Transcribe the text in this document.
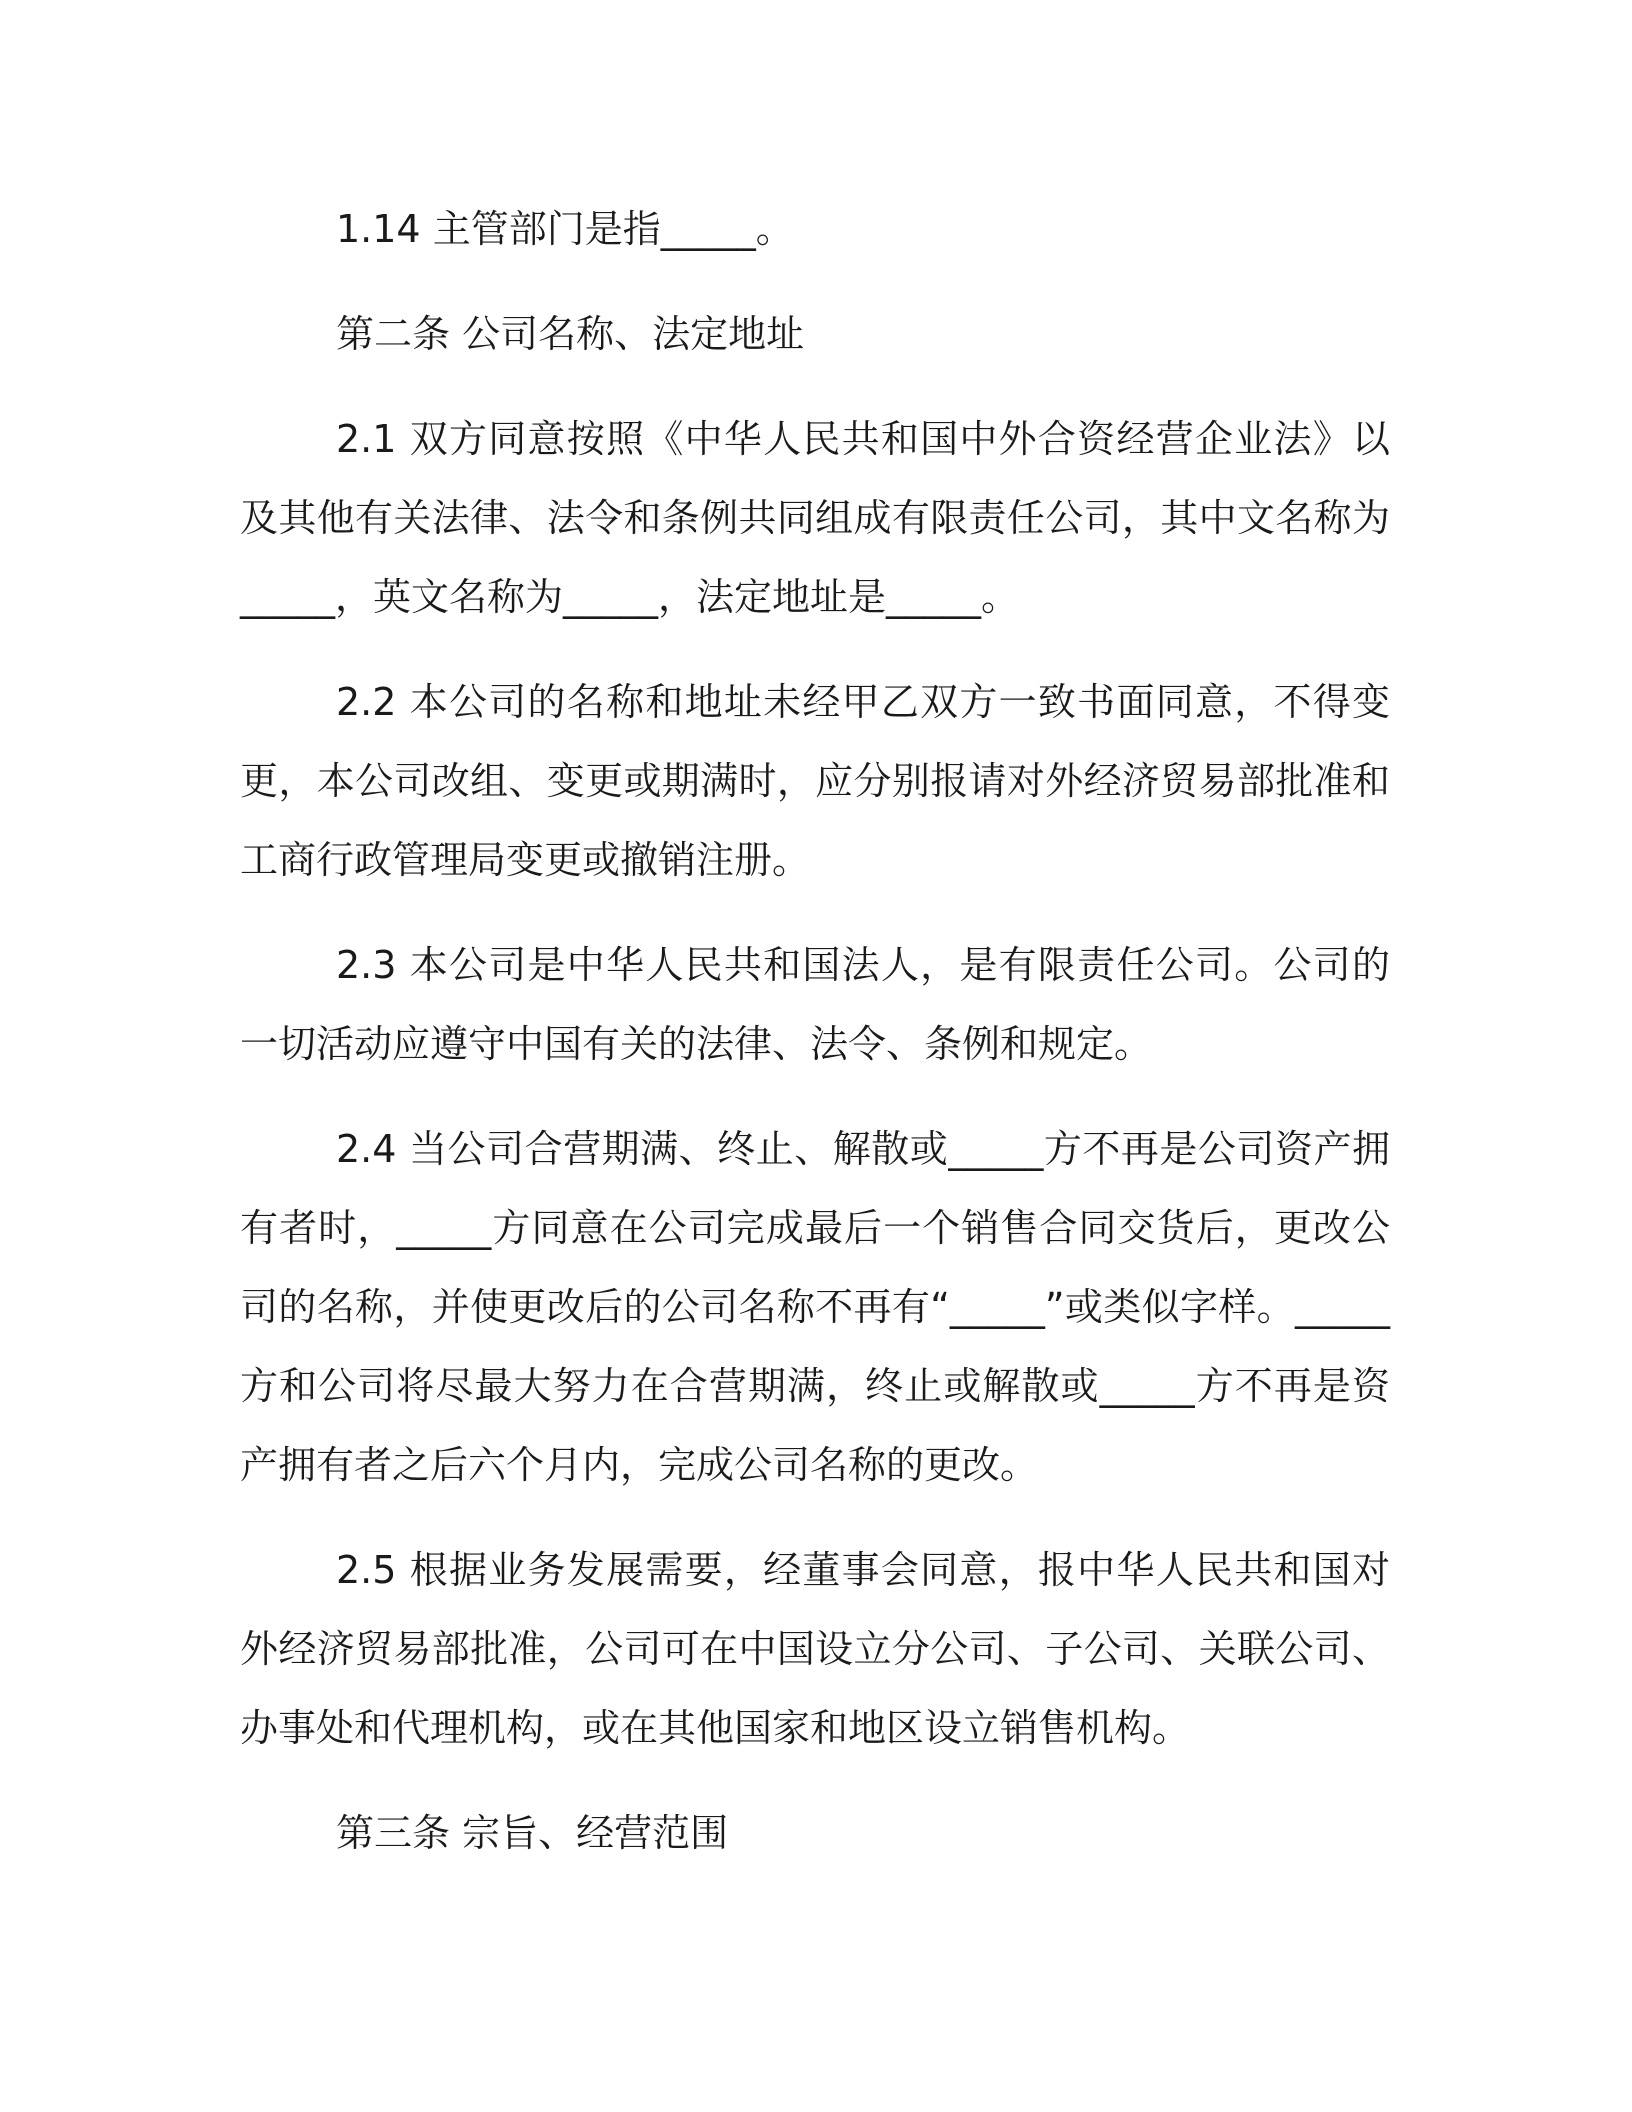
1.14 主管部门是指_____。

第二条 公司名称、法定地址

2.1 双方同意按照《中华人民共和国中外合资经营企业法》以及其他有关法律、法令和条例共同组成有限责任公司，其中文名称为_____，英文名称为_____，法定地址是_____。

2.2 本公司的名称和地址未经甲乙双方一致书面同意，不得变更，本公司改组、变更或期满时，应分别报请对外经济贸易部批准和工商行政管理局变更或撤销注册。

2.3 本公司是中华人民共和国法人，是有限责任公司。公司的一切活动应遵守中国有关的法律、法令、条例和规定。

2.4 当公司合营期满、终止、解散或_____方不再是公司资产拥有者时，_____方同意在公司完成最后一个销售合同交货后，更改公司的名称，并使更改后的公司名称不再有“_____”或类似字样。_____方和公司将尽最大努力在合营期满，终止或解散或_____方不再是资产拥有者之后六个月内，完成公司名称的更改。

2.5 根据业务发展需要，经董事会同意，报中华人民共和国对外经济贸易部批准，公司可在中国设立分公司、子公司、关联公司、办事处和代理机构，或在其他国家和地区设立销售机构。

第三条 宗旨、经营范围
